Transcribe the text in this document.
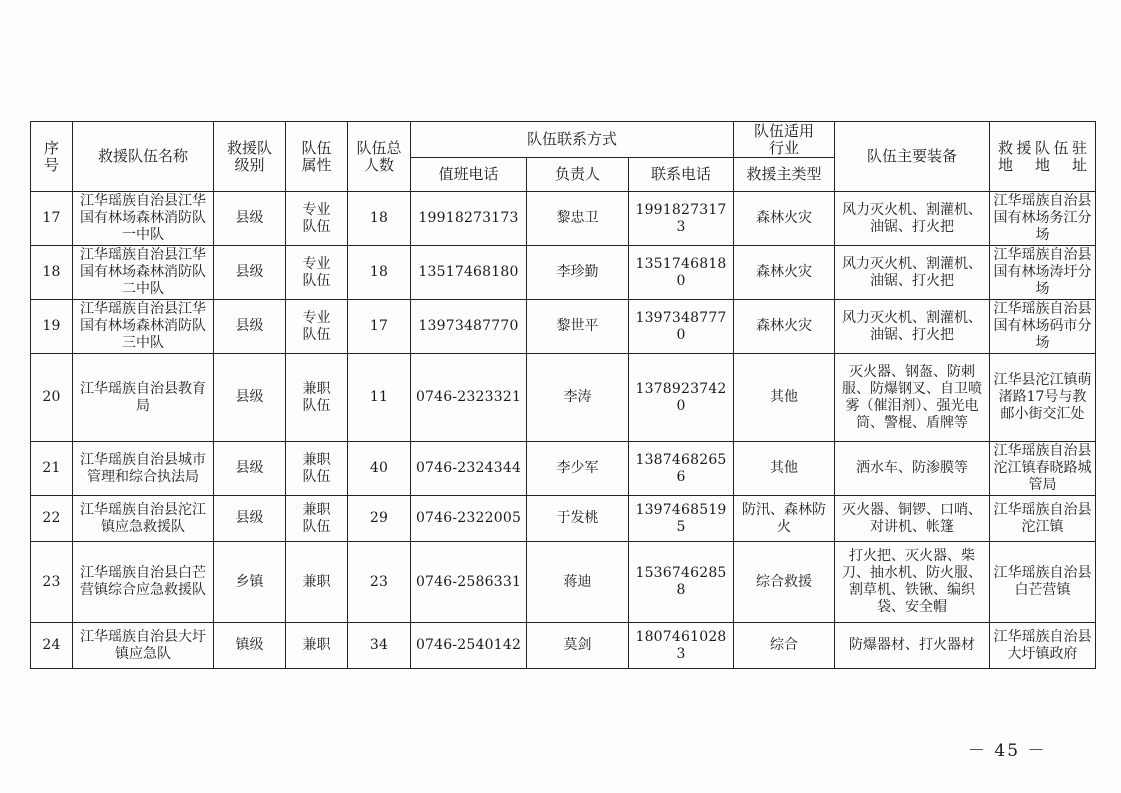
序号	救援队伍名称	救援队级别	队伍属性	队伍总人数	队伍联系方式			队伍适用行业	队伍主要装备	救援队伍驻地地址
					值班电话	负责人	联系电话	救援主类型		
17	江华瑶族自治县江华国有林场森林消防队一中队	县级	专业队伍	18	19918273173	黎忠卫	19918273173	森林火灾	风力灭火机、割灌机、油锯、打火把	江华瑶族自治县国有林场务江分场
18	江华瑶族自治县江华国有林场森林消防队二中队	县级	专业队伍	18	13517468180	李珍勤	13517468180	森林火灾	风力灭火机、割灌机、油锯、打火把	江华瑶族自治县国有林场涛圩分场
19	江华瑶族自治县江华国有林场森林消防队三中队	县级	专业队伍	17	13973487770	黎世平	13973487770	森林火灾	风力灭火机、割灌机、油锯、打火把	江华瑶族自治县国有林场码市分场
20	江华瑶族自治县教育局	县级	兼职队伍	11	0746-2323321	李涛	13789237420	其他	灭火器、钢盔、防刺服、防爆钢叉、自卫喷雾（催泪剂）、强光电筒、警棍、盾牌等	江华县沱江镇萌渚路17号与教邮小街交汇处
21	江华瑶族自治县城市管理和综合执法局	县级	兼职队伍	40	0746-2324344	李少军	13874682656	其他	洒水车、防渗膜等	江华瑶族自治县沱江镇春晓路城管局
22	江华瑶族自治县沱江镇应急救援队	县级	兼职队伍	29	0746-2322005	于发桃	13974685195	防汛、森林防火	灭火器、铜锣、口哨、对讲机、帐篷	江华瑶族自治县沱江镇
23	江华瑶族自治县白芒营镇综合应急救援队	乡镇	兼职	23	0746-2586331	蒋迪	15367462858	综合救援	打火把、灭火器、柴刀、抽水机、防火服、割草机、铁锹、编织袋、安全帽	江华瑶族自治县白芒营镇
24	江华瑶族自治县大圩镇应急队	镇级	兼职	34	0746-2540142	莫剑	18074610283	综合	防爆器材、打火器材	江华瑶族自治县大圩镇政府
－ 45 －
